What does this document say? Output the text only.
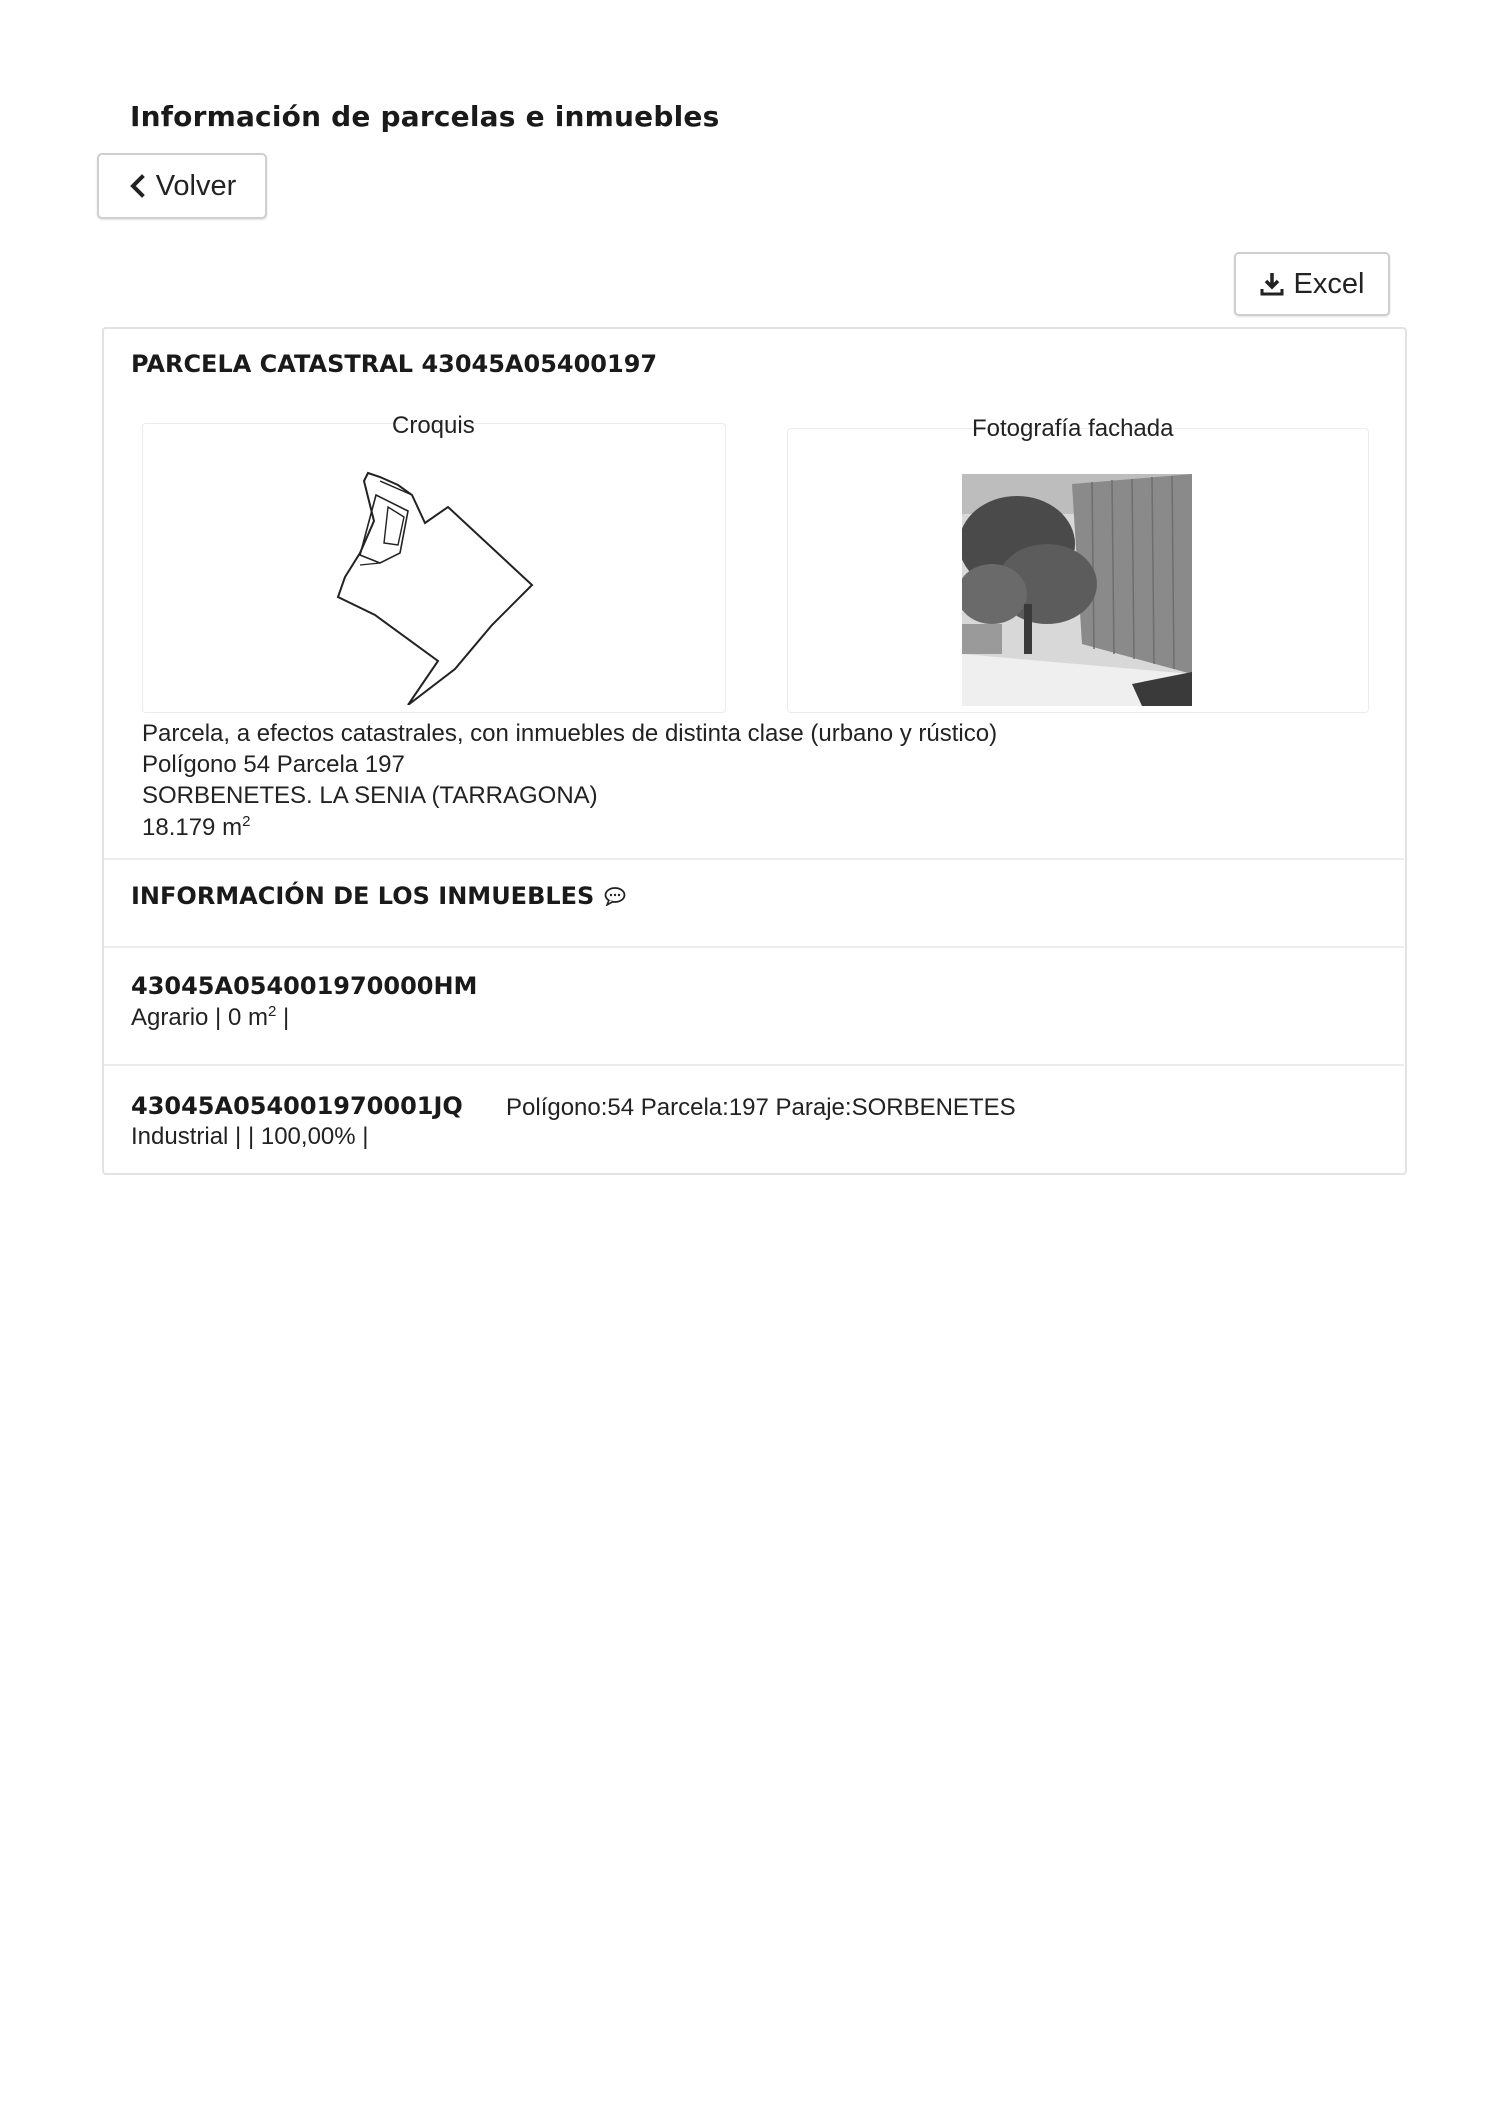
Información de parcelas e inmuebles
Volver
Excel
PARCELA CATASTRAL 43045A05400197
Croquis	Fotografía fachada
Parcela, a efectos catastrales, con inmuebles de distinta clase (urbano y rústico)
Polígono 54 Parcela 197
SORBENETES. LA SENIA (TARRAGONA)
18.179 $m^2$
INFORMACIÓN DE LOS INMUEBLES
43045A054001970000HM
Agrario | 0 $m^2$ |
43045A054001970001JQ Polígono:54 Parcela:197 Paraje:SORBENETES
Industrial | | 100,00% |
